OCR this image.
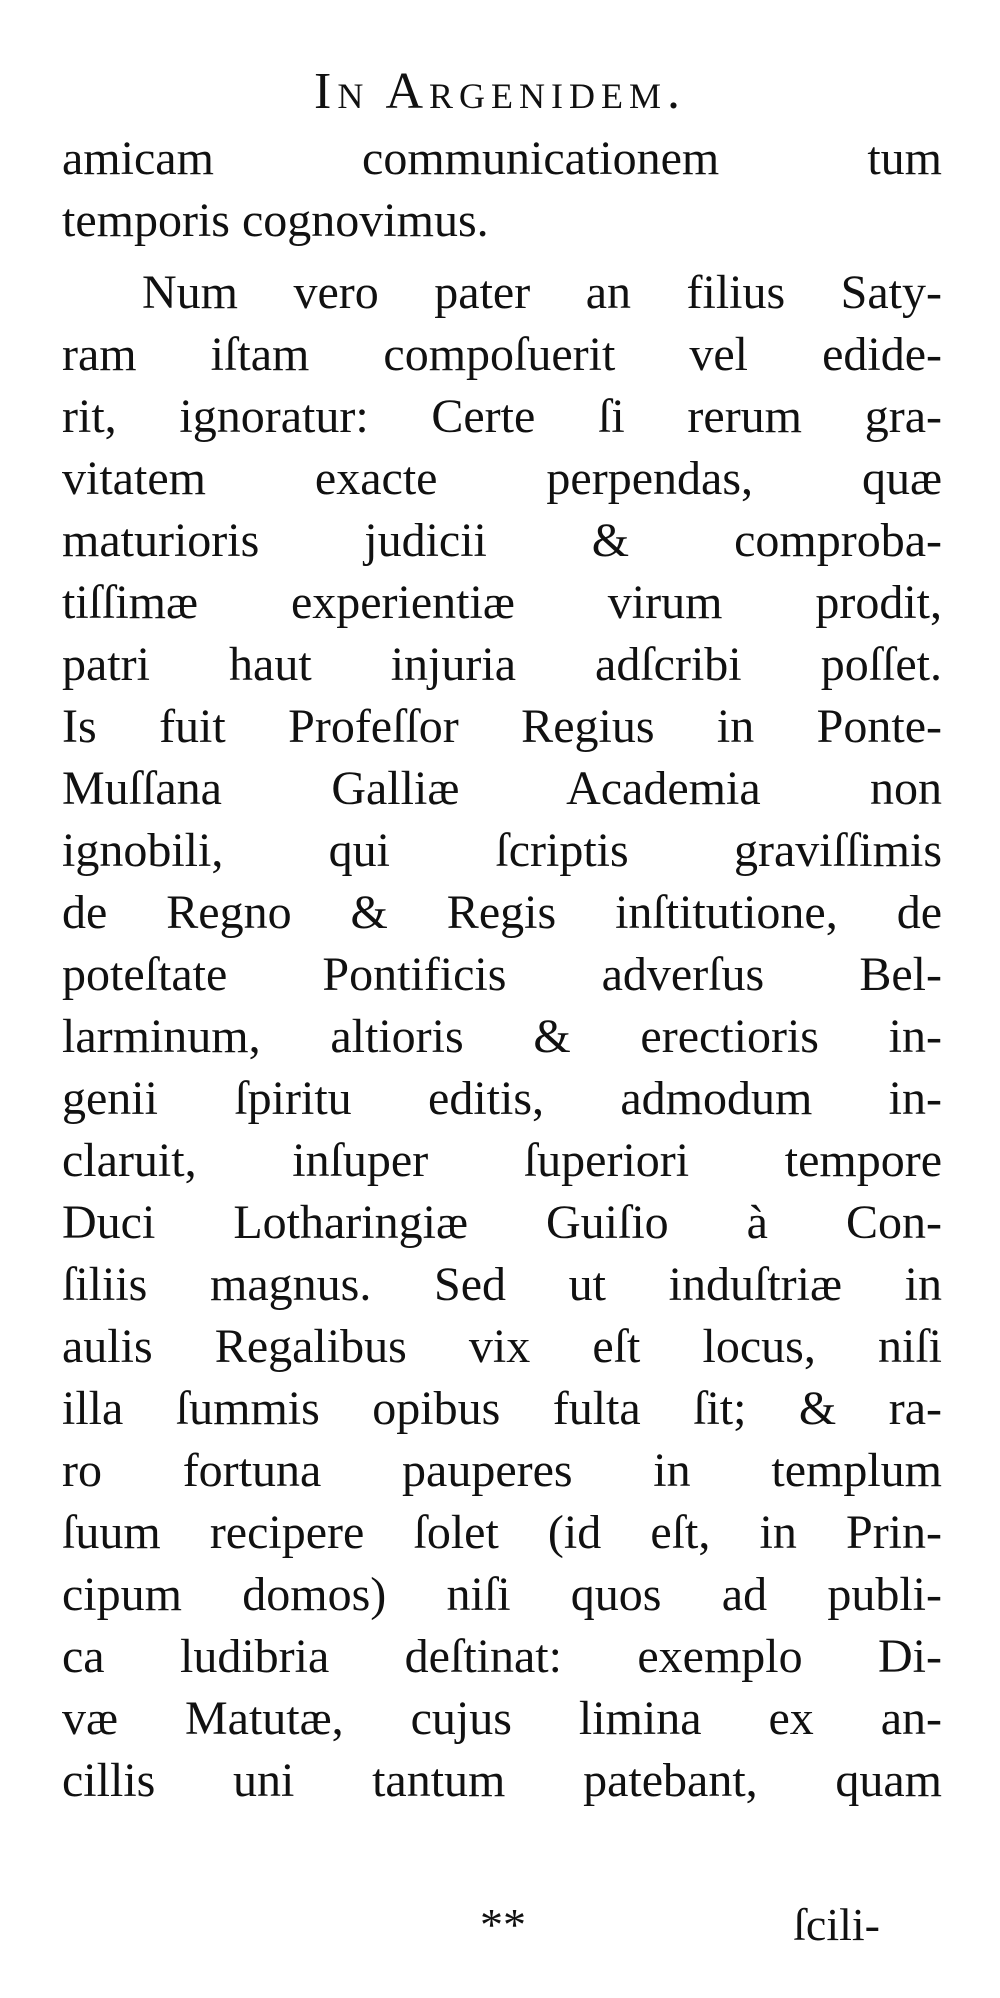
In Argenidem.
amicam communicationem tum
temporis cognovimus.
Num vero pater an filius Saty-
ram iſtam compoſuerit vel edide-
rit, ignoratur: Certe ſi rerum gra-
vitatem exacte perpendas, quæ
maturioris judicii & comproba-
tiſſimæ experientiæ virum prodit,
patri haut injuria adſcribi poſſet.
Is fuit Profeſſor Regius in Ponte-
Muſſana Galliæ Academia non
ignobili, qui ſcriptis graviſſimis
de Regno & Regis inſtitutione, de
poteſtate Pontificis adverſus Bel-
larminum, altioris & erectioris in-
genii ſpiritu editis, admodum in-
claruit, inſuper ſuperiori tempore
Duci Lotharingiæ Guiſio à Con-
ſiliis magnus. Sed ut induſtriæ in
aulis Regalibus vix eſt locus, niſi
illa ſummis opibus fulta ſit; & ra-
ro fortuna pauperes in templum
ſuum recipere ſolet (id eſt, in Prin-
cipum domos) niſi quos ad publi-
ca ludibria deſtinat: exemplo Di-
væ Matutæ, cujus limina ex an-
cillis uni tantum patebant, quam
**	ſcili-
